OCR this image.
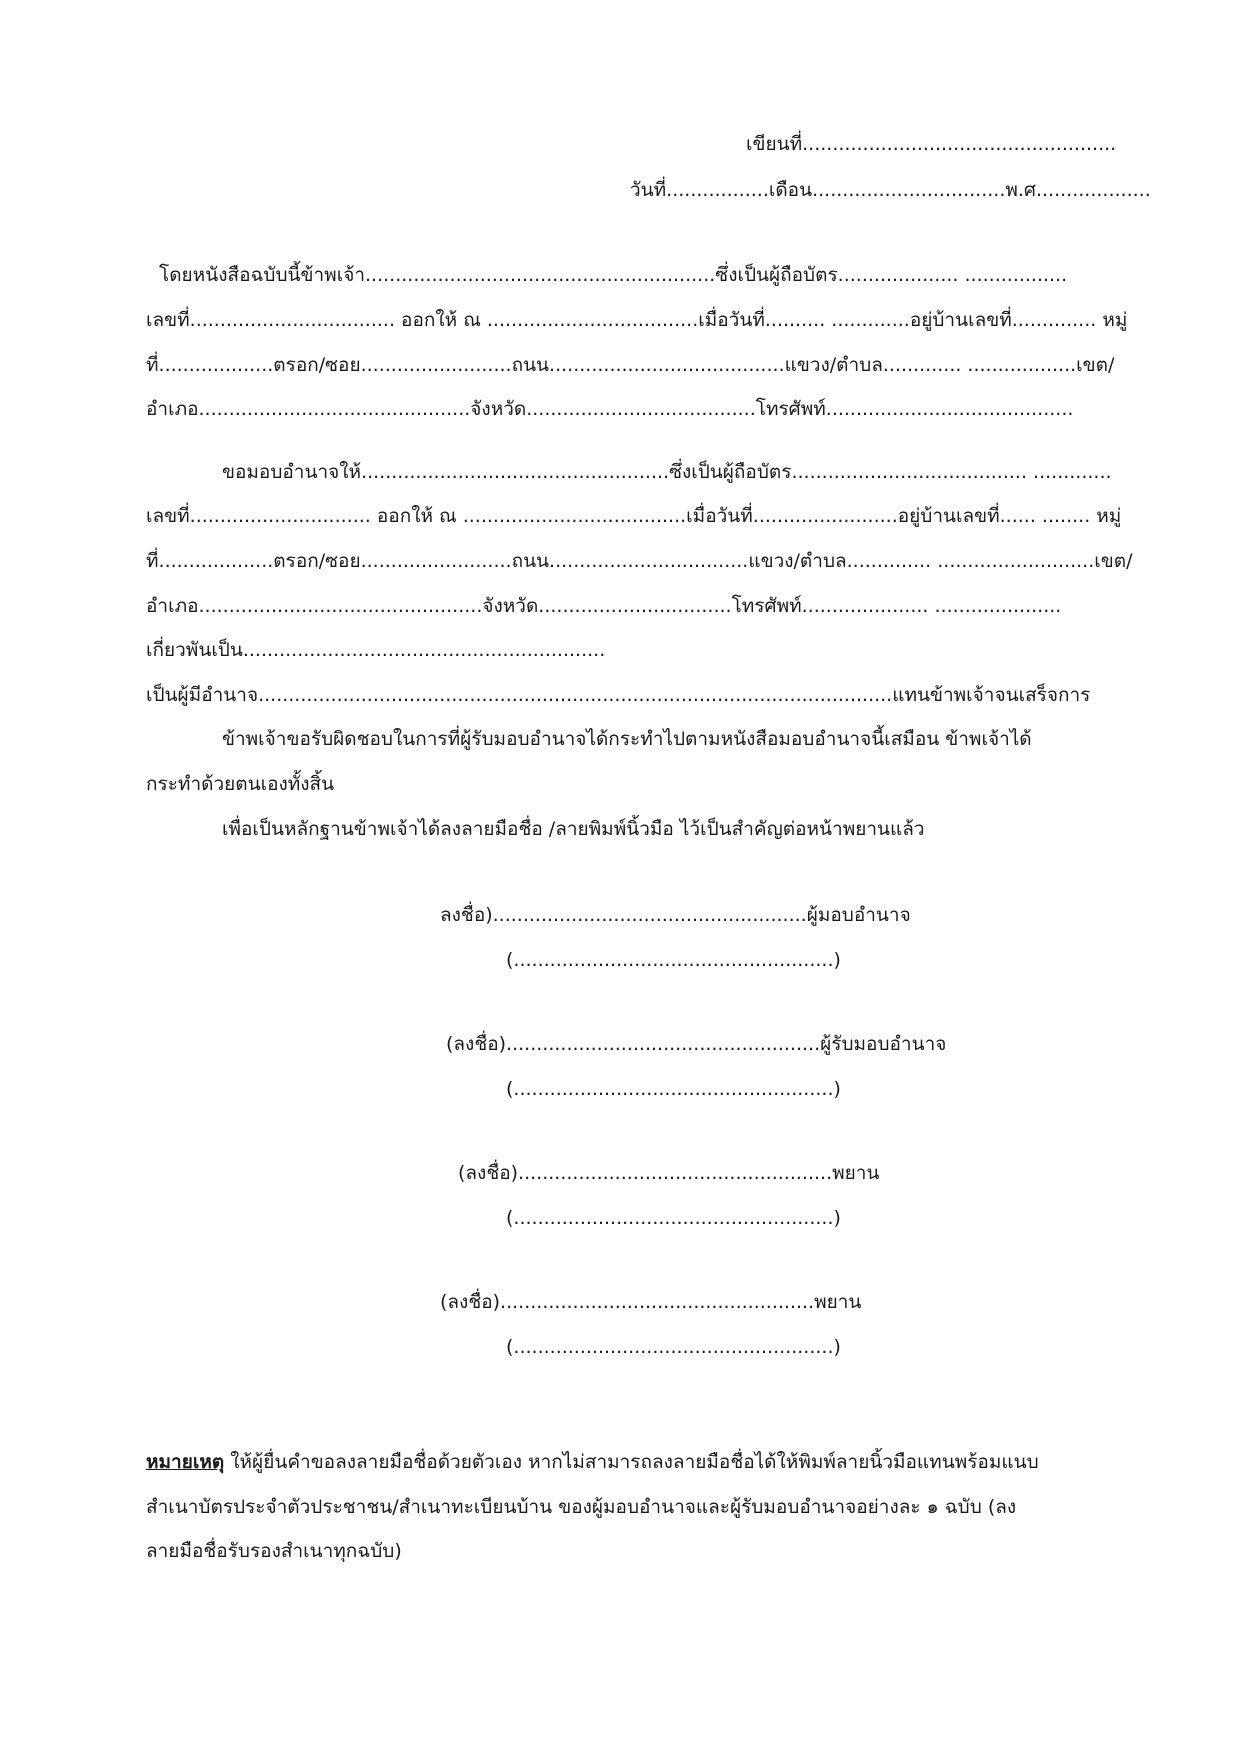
เขียนที่....................................................
วันที่.................เดือน................................พ.ศ...................
โดยหนังสือฉบับนี้ข้าพเจ้า..........................................................ซึ่งเป็นผู้ถือบัตร.................... .................
เลขที่.................................. ออกให้ ณ ...................................เมื่อวันที่.......... .............อยู่บ้านเลขที่.............. หมู่
ที่...................ตรอก/ซอย.........................ถนน.......................................แขวง/ตำบล............. ..................เขต/
อำเภอ.............................................จังหวัด......................................โทรศัพท์.........................................
ขอมอบอำนาจให้...................................................ซึ่งเป็นผู้ถือบัตร....................................... .............
เลขที่.............................. ออกให้ ณ .....................................เมื่อวันที่........................อยู่บ้านเลขที่...... ........ หมู่
ที่...................ตรอก/ซอย.........................ถนน.................................แขวง/ตำบล.............. ..........................เขต/
อำเภอ...............................................จังหวัด................................โทรศัพท์..................... .....................
เกี่ยวพันเป็น............................................................
เป็นผู้มีอำนาจ.........................................................................................................แทนข้าพเจ้าจนเสร็จการ
ข้าพเจ้าขอรับผิดชอบในการที่ผู้รับมอบอำนาจได้กระทำไปตามหนังสือมอบอำนาจนี้เสมือน ข้าพเจ้าได้
กระทำด้วยตนเองทั้งสิ้น
เพื่อเป็นหลักฐานข้าพเจ้าได้ลงลายมือชื่อ /ลายพิมพ์นิ้วมือ ไว้เป็นสำคัญต่อหน้าพยานแล้ว
ลงชื่อ)....................................................ผู้มอบอำนาจ
(.....................................................)
(ลงชื่อ)....................................................ผู้รับมอบอำนาจ
(.....................................................)
(ลงชื่อ)....................................................พยาน
(.....................................................)
(ลงชื่อ)....................................................พยาน
(.....................................................)
หมายเหตุ ให้ผู้ยื่นคำขอลงลายมือชื่อด้วยตัวเอง หากไม่สามารถลงลายมือชื่อได้ให้พิมพ์ลายนิ้วมือแทนพร้อมแนบ
สำเนาบัตรประจำตัวประชาชน/สำเนาทะเบียนบ้าน ของผู้มอบอำนาจและผู้รับมอบอำนาจอย่างละ ๑ ฉบับ (ลง
ลายมือชื่อรับรองสำเนาทุกฉบับ)
